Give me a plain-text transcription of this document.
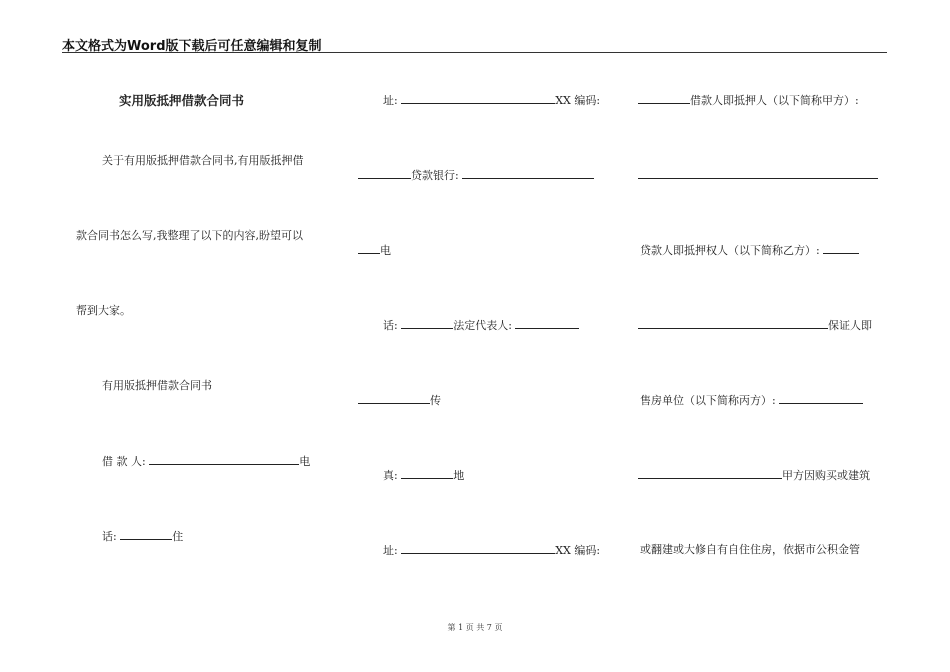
本文格式为Word版下载后可任意编辑和复制
实用版抵押借款合同书
关于有用版抵押借款合同书,有用版抵押借
款合同书怎么写,我整理了以下的内容,盼望可以
帮到大家。
有用版抵押借款合同书
借 款 人:	电
话:	住
址:	XX 编码:
贷款银行:
电
话:	法定代表人:
传
真:	地
址:	XX 编码:
借款人即抵押人（以下简称甲方）:
贷款人即抵押权人（以下简称乙方）:
保证人即
售房单位（以下简称丙方）:
甲方因购买或建筑
或翻建或大修自有自住住房，依据市公积金管
第 1 页 共 7 页
